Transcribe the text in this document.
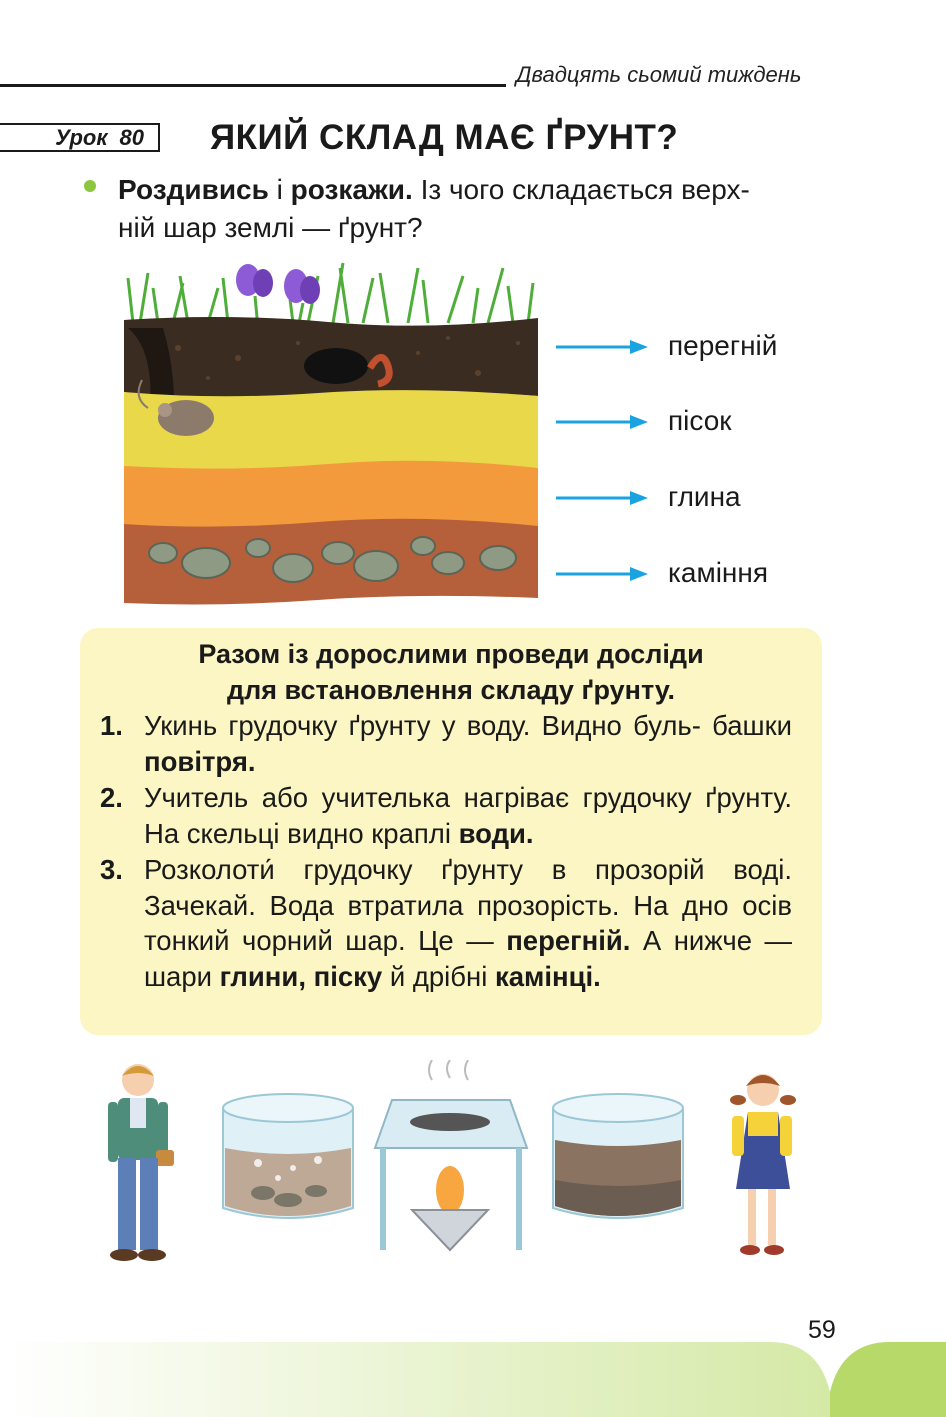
Двадцять сьомий тиждень
Урок 80 ЯКИЙ СКЛАД МАЄ ҐРУНТ?
Роздивись і розкажи. Із чого складається верх-
ній шар землі — ґрунт?
перегній
пісок
глина
каміння
Разом із дорослими проведи досліди
для встановлення складу ґрунту.
1. Укинь грудочку ґрунту у воду. Видно буль- башки повітря.
2. Учитель або учителька нагріває грудочку ґрунту. На скельці видно краплі води.
3. Розколоти́ грудочку ґрунту в прозорій воді. Зачекай. Вода втратила прозорість. На дно осів тонкий чорний шар. Це — перегній. А нижче — шари глини, піску й дрібні камінці.
59
